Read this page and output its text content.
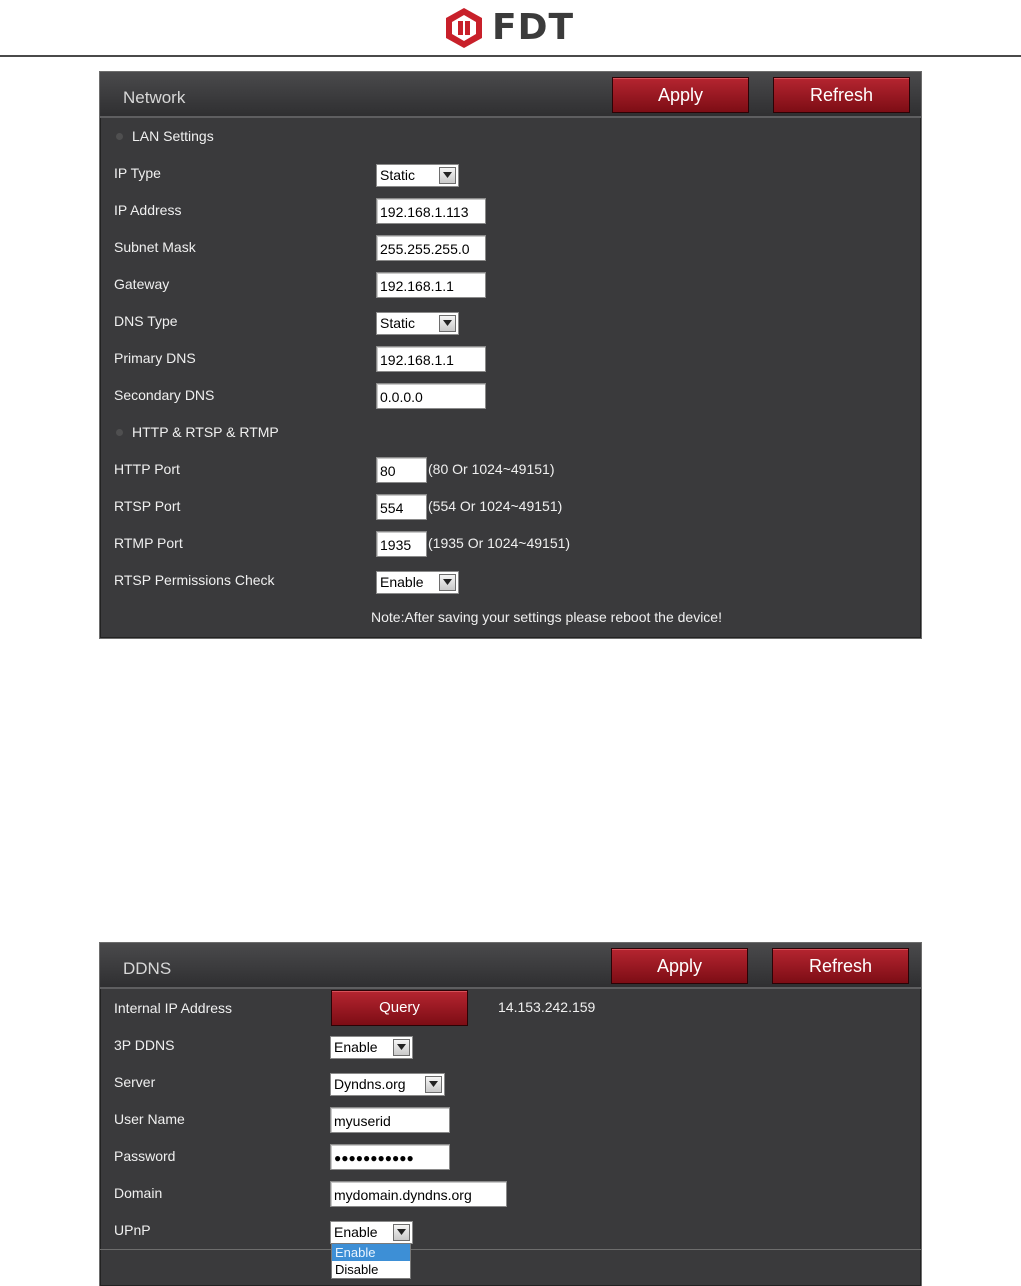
FDT
Network	Apply	Refresh
LAN Settings
IP Type	Static
IP Address	192.168.1.113
Subnet Mask	255.255.255.0
Gateway	192.168.1.1
DNS Type	Static
Primary DNS	192.168.1.1
Secondary DNS	0.0.0.0
HTTP & RTSP & RTMP
HTTP Port	80	(80 Or 1024~49151)
RTSP Port	554	(554 Or 1024~49151)
RTMP Port	1935	(1935 Or 1024~49151)
RTSP Permissions Check	Enable
Note:After saving your settings please reboot the device!
DDNS	Apply	Refresh
Internal IP Address	Query	14.153.242.159
3P DDNS	Enable
Server	Dyndns.org
User Name	myuserid
Password	●●●●●●●●●●●
Domain	mydomain.dyndns.org
UPnP	Enable
Enable
Disable
